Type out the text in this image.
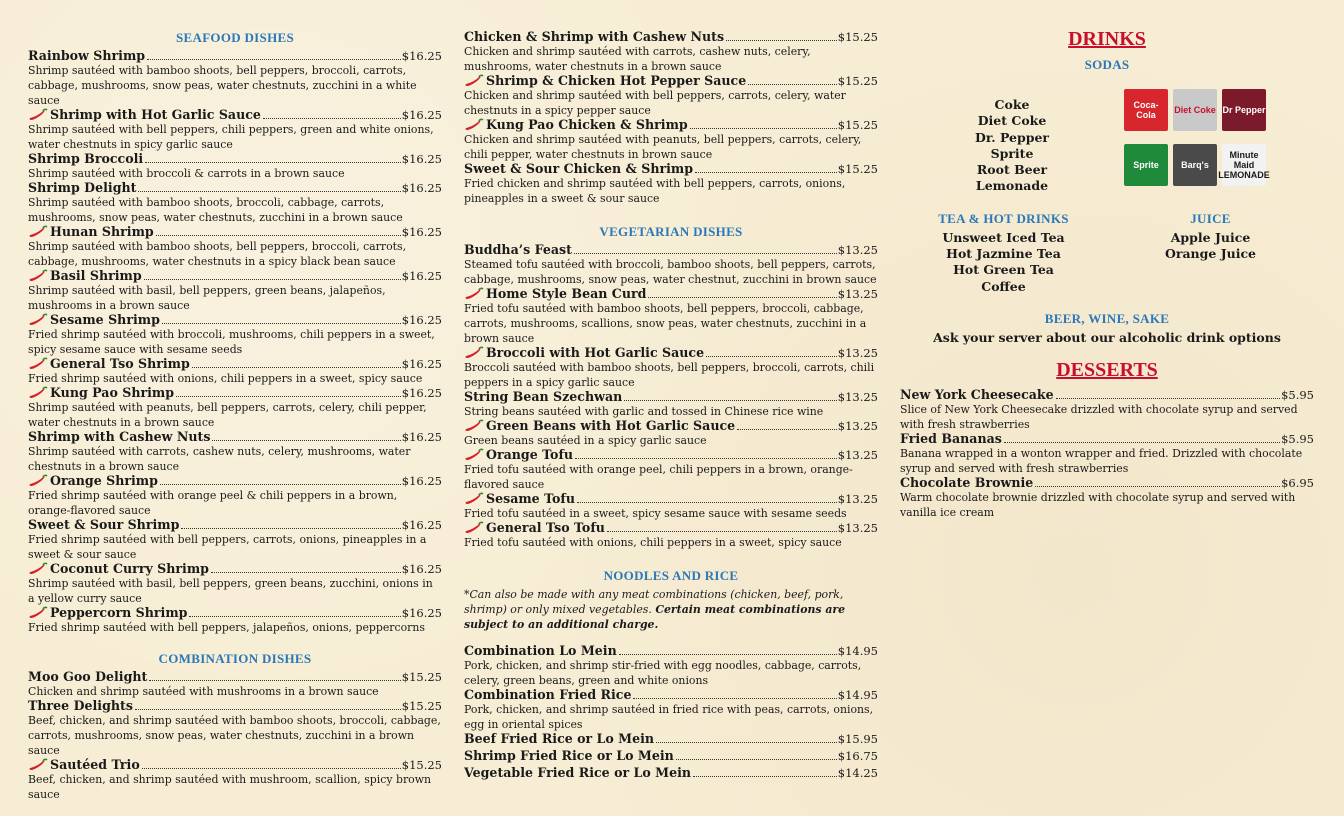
SEAFOOD DISHES
Rainbow Shrimp	$16.25
Shrimp sautéed with bamboo shoots, bell peppers, broccoli, carrots, cabbage, mushrooms, snow peas, water chestnuts, zucchini in a white sauce
Shrimp with Hot Garlic Sauce	$16.25
Shrimp sautéed with bell peppers, chili peppers, green and white onions, water chestnuts in spicy garlic sauce
Shrimp Broccoli	$16.25
Shrimp sautéed with broccoli & carrots in a brown sauce
Shrimp Delight	$16.25
Shrimp sautéed with bamboo shoots, broccoli, cabbage, carrots, mushrooms, snow peas, water chestnuts, zucchini in a brown sauce
Hunan Shrimp	$16.25
Shrimp sautéed with bamboo shoots, bell peppers, broccoli, carrots, cabbage, mushrooms, water chestnuts in a spicy black bean sauce
Basil Shrimp	$16.25
Shrimp sautéed with basil, bell peppers, green beans, jalapeños, mushrooms in a brown sauce
Sesame Shrimp	$16.25
Fried shrimp sautéed with broccoli, mushrooms, chili peppers in a sweet, spicy sesame sauce with sesame seeds
General Tso Shrimp	$16.25
Fried shrimp sautéed with onions, chili peppers in a sweet, spicy sauce
Kung Pao Shrimp	$16.25
Shrimp sautéed with peanuts, bell peppers, carrots, celery, chili pepper, water chestnuts in a brown sauce
Shrimp with Cashew Nuts	$16.25
Shrimp sautéed with carrots, cashew nuts, celery, mushrooms, water chestnuts in a brown sauce
Orange Shrimp	$16.25
Fried shrimp sautéed with orange peel & chili peppers in a brown, orange-flavored sauce
Sweet & Sour Shrimp	$16.25
Fried shrimp sautéed with bell peppers, carrots, onions, pineapples in a sweet & sour sauce
Coconut Curry Shrimp	$16.25
Shrimp sautéed with basil, bell peppers, green beans, zucchini, onions in a yellow curry sauce
Peppercorn Shrimp	$16.25
Fried shrimp sautéed with bell peppers, jalapeños, onions, peppercorns
COMBINATION DISHES
Moo Goo Delight	$15.25
Chicken and shrimp sautéed with mushrooms in a brown sauce
Three Delights	$15.25
Beef, chicken, and shrimp sautéed with bamboo shoots, broccoli, cabbage, carrots, mushrooms, snow peas, water chestnuts, zucchini in a brown sauce
Sautéed Trio	$15.25
Beef, chicken, and shrimp sautéed with mushroom, scallion, spicy brown sauce
Chicken & Shrimp with Cashew Nuts	$15.25
Chicken and shrimp sautéed with carrots, cashew nuts, celery, mushrooms, water chestnuts in a brown sauce
Shrimp & Chicken Hot Pepper Sauce	$15.25
Chicken and shrimp sautéed with bell peppers, carrots, celery, water chestnuts in a spicy pepper sauce
Kung Pao Chicken & Shrimp	$15.25
Chicken and shrimp sautéed with peanuts, bell peppers, carrots, celery, chili pepper, water chestnuts in brown sauce
Sweet & Sour Chicken & Shrimp	$15.25
Fried chicken and shrimp sautéed with bell peppers, carrots, onions, pineapples in a sweet & sour sauce
VEGETARIAN DISHES
Buddha’s Feast	$13.25
Steamed tofu sautéed with broccoli, bamboo shoots, bell peppers, carrots, cabbage, mushrooms, snow peas, water chestnut, zucchini in brown sauce
Home Style Bean Curd	$13.25
Fried tofu sautéed with bamboo shoots, bell peppers, broccoli, cabbage, carrots, mushrooms, scallions, snow peas, water chestnuts, zucchini in a brown sauce
Broccoli with Hot Garlic Sauce	$13.25
Broccoli sautéed with bamboo shoots, bell peppers, broccoli, carrots, chili peppers in a spicy garlic sauce
String Bean Szechwan	$13.25
String beans sautéed with garlic and tossed in Chinese rice wine
Green Beans with Hot Garlic Sauce	$13.25
Green beans sautéed in a spicy garlic sauce
Orange Tofu	$13.25
Fried tofu sautéed with orange peel, chili peppers in a brown, orange-flavored sauce
Sesame Tofu	$13.25
Fried tofu sautéed in a sweet, spicy sesame sauce with sesame seeds
General Tso Tofu	$13.25
Fried tofu sautéed with onions, chili peppers in a sweet, spicy sauce
NOODLES AND RICE
*Can also be made with any meat combinations (chicken, beef, pork, shrimp) or only mixed vegetables. Certain meat combinations are subject to an additional charge.
Combination Lo Mein	$14.95
Pork, chicken, and shrimp stir-fried with egg noodles, cabbage, carrots, celery, green beans, green and white onions
Combination Fried Rice	$14.95
Pork, chicken, and shrimp sautéed in fried rice with peas, carrots, onions, egg in oriental spices
Beef Fried Rice or Lo Mein	$15.95
Shrimp Fried Rice or Lo Mein	$16.75
Vegetable Fried Rice or Lo Mein	$14.25
DRINKS
SODAS
Coke
Diet Coke
Dr. Pepper
Sprite
Root Beer
Lemonade
Coca-Cola	Diet Coke Dr Pepper
Sprite	Barq's
Minute Maid LEMONADE
TEA & HOT DRINKS
Unsweet Iced Tea
Hot Jazmine Tea
Hot Green Tea
Coffee
JUICE
Apple Juice
Orange Juice
BEER, WINE, SAKE
Ask your server about our alcoholic drink options
DESSERTS
New York Cheesecake	$5.95
Slice of New York Cheesecake drizzled with chocolate syrup and served with fresh strawberries
Fried Bananas	$5.95
Banana wrapped in a wonton wrapper and fried. Drizzled with chocolate syrup and served with fresh strawberries
Chocolate Brownie	$6.95
Warm chocolate brownie drizzled with chocolate syrup and served with vanilla ice cream
